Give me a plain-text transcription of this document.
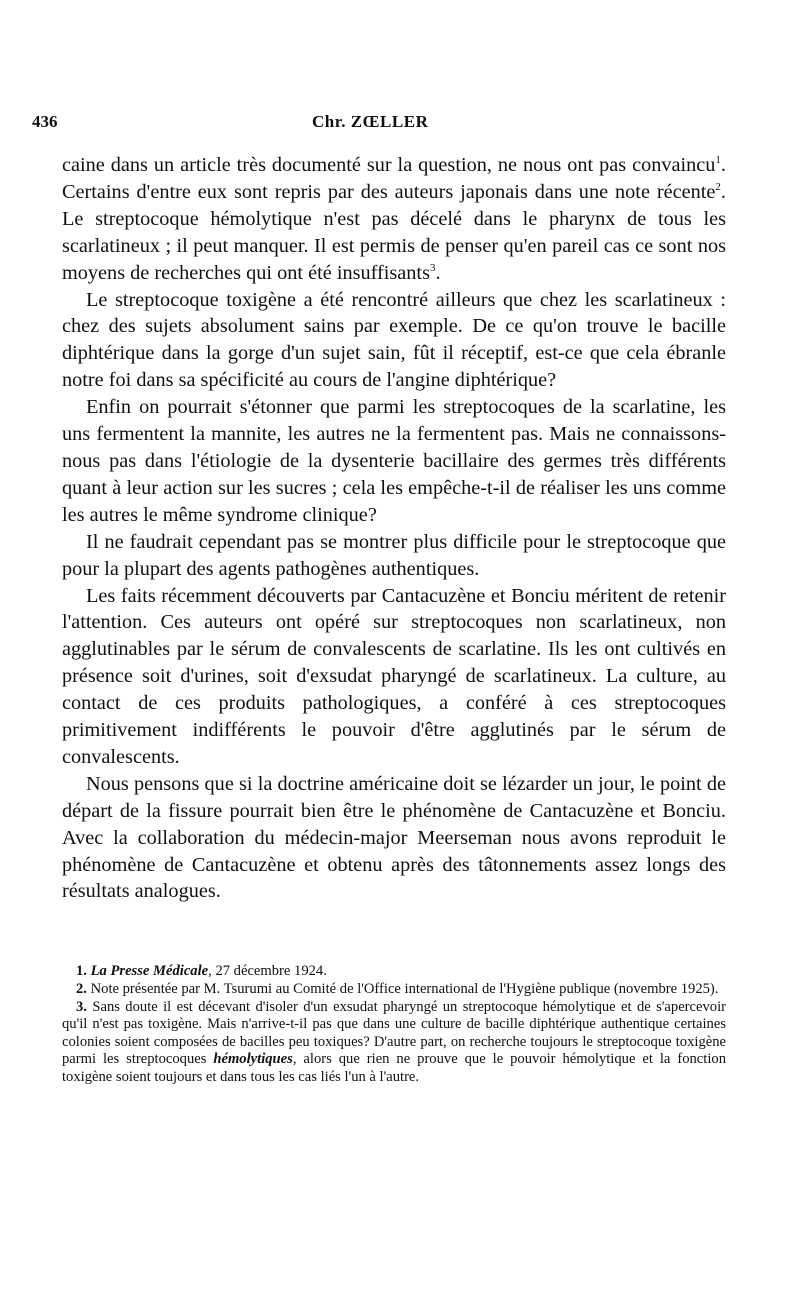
436	Chr. ZŒLLER

caine dans un article très documenté sur la question, ne nous ont pas convaincu$^1$. Certains d'entre eux sont repris par des auteurs japonais dans une note récente$^2$. Le streptocoque hémolytique n'est pas décelé dans le pharynx de tous les scarlatineux ; il peut manquer. Il est permis de penser qu'en pareil cas ce sont nos moyens de recherches qui ont été insuffisants$^3$.

Le streptocoque toxigène a été rencontré ailleurs que chez les scarlatineux : chez des sujets absolument sains par exemple. De ce qu'on trouve le bacille diphtérique dans la gorge d'un sujet sain, fût il réceptif, est-ce que cela ébranle notre foi dans sa spécificité au cours de l'angine diphtérique?

Enfin on pourrait s'étonner que parmi les streptocoques de la scarlatine, les uns fermentent la mannite, les autres ne la fermentent pas. Mais ne connaissons-nous pas dans l'étiologie de la dysenterie bacillaire des germes très différents quant à leur action sur les sucres ; cela les empêche-t-il de réaliser les uns comme les autres le même syndrome clinique?

Il ne faudrait cependant pas se montrer plus difficile pour le streptocoque que pour la plupart des agents pathogènes authentiques.

Les faits récemment découverts par Cantacuzène et Bonciu méritent de retenir l'attention. Ces auteurs ont opéré sur streptocoques non scarlatineux, non agglutinables par le sérum de convalescents de scarlatine. Ils les ont cultivés en présence soit d'urines, soit d'exsudat pharyngé de scarlatineux. La culture, au contact de ces produits pathologiques, a conféré à ces streptocoques primitivement indifférents le pouvoir d'être agglutinés par le sérum de convalescents.

Nous pensons que si la doctrine américaine doit se lézarder un jour, le point de départ de la fissure pourrait bien être le phénomène de Cantacuzène et Bonciu. Avec la collaboration du médecin-major Meerseman nous avons reproduit le phénomène de Cantacuzène et obtenu après des tâtonnements assez longs des résultats analogues.

1. La Presse Médicale, 27 décembre 1924.

2. Note présentée par M. Tsurumi au Comité de l'Office international de l'Hygiène publique (novembre 1925).

3. Sans doute il est décevant d'isoler d'un exsudat pharyngé un streptocoque hémolytique et de s'apercevoir qu'il n'est pas toxigène. Mais n'arrive-t-il pas que dans une culture de bacille diphtérique authentique certaines colonies soient composées de bacilles peu toxiques? D'autre part, on recherche toujours le streptocoque toxigène parmi les streptocoques hémolytiques, alors que rien ne prouve que le pouvoir hémolytique et la fonction toxigène soient toujours et dans tous les cas liés l'un à l'autre.
